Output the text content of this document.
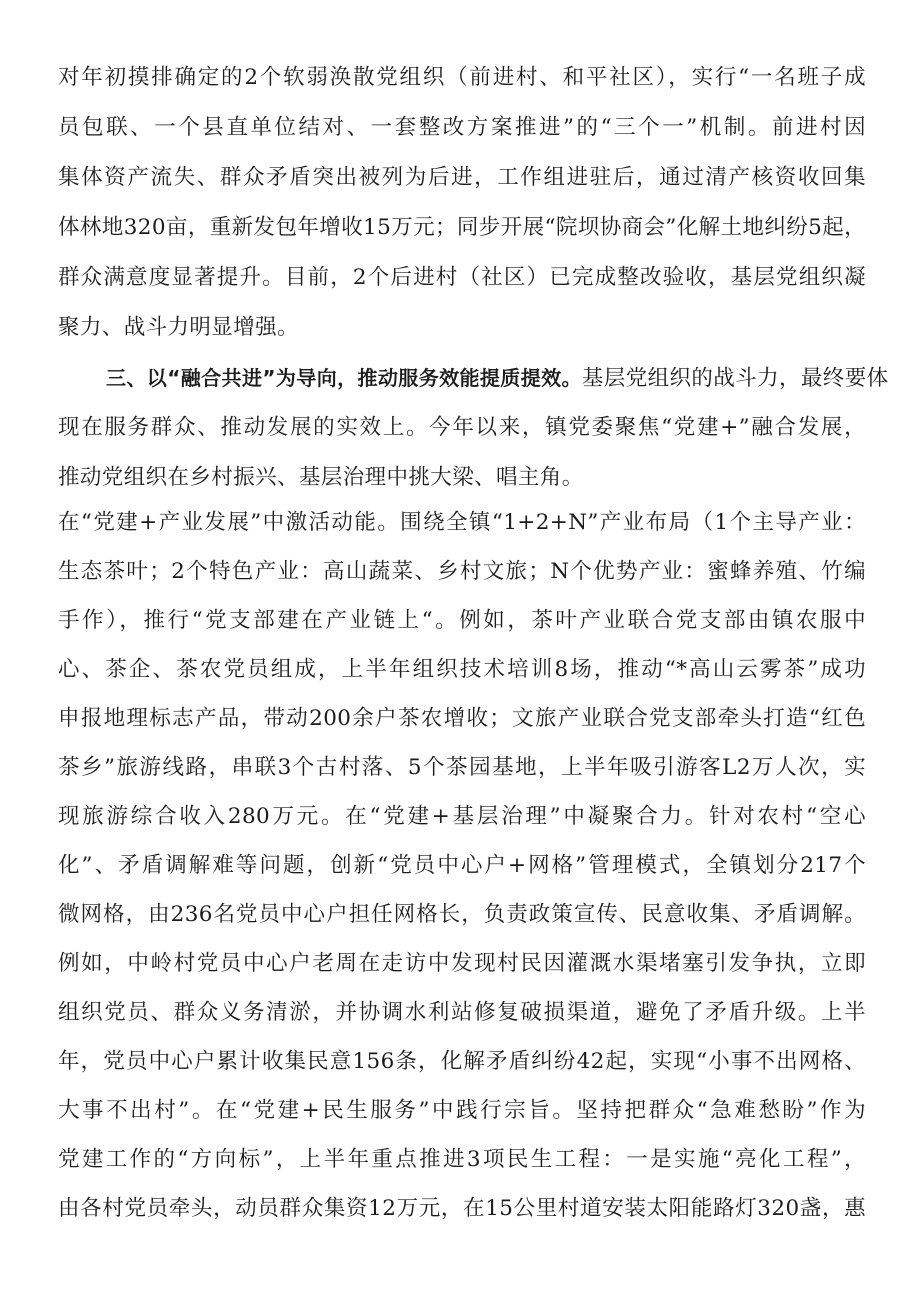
对年初摸排确定的2个软弱涣散党组织（前进村、和平社区），实行“一名班子成
员包联、一个县直单位结对、一套整改方案推进”的“三个一”机制。前进村因
集体资产流失、群众矛盾突出被列为后进，工作组进驻后，通过清产核资收回集
体林地320亩，重新发包年增收15万元；同步开展“院坝协商会”化解土地纠纷5起，
群众满意度显著提升。目前，2个后进村（社区）已完成整改验收，基层党组织凝
聚力、战斗力明显增强。
三、以“融合共进”为导向，推动服务效能提质提效。基层党组织的战斗力，最终要体
现在服务群众、推动发展的实效上。今年以来，镇党委聚焦“党建+”融合发展，
推动党组织在乡村振兴、基层治理中挑大梁、唱主角。
在“党建+产业发展”中激活动能。围绕全镇“1+2+N”产业布局（1个主导产业：
生态茶叶；2个特色产业：高山蔬菜、乡村文旅；N个优势产业：蜜蜂养殖、竹编
手作），推行“党支部建在产业链上“。例如，茶叶产业联合党支部由镇农服中
心、茶企、茶农党员组成，上半年组织技术培训8场，推动“*高山云雾茶”成功
申报地理标志产品，带动200余户茶农增收；文旅产业联合党支部牵头打造“红色
茶乡”旅游线路，串联3个古村落、5个茶园基地，上半年吸引游客L2万人次，实
现旅游综合收入280万元。在“党建+基层治理”中凝聚合力。针对农村“空心
化”、矛盾调解难等问题，创新“党员中心户+网格”管理模式，全镇划分217个
微网格，由236名党员中心户担任网格长，负责政策宣传、民意收集、矛盾调解。
例如，中岭村党员中心户老周在走访中发现村民因灌溉水渠堵塞引发争执，立即
组织党员、群众义务清淤，并协调水利站修复破损渠道，避免了矛盾升级。上半
年，党员中心户累计收集民意156条，化解矛盾纠纷42起，实现“小事不出网格、
大事不出村”。在“党建+民生服务”中践行宗旨。坚持把群众“急难愁盼”作为
党建工作的“方向标”，上半年重点推进3项民生工程：一是实施“亮化工程”，
由各村党员牵头，动员群众集资12万元，在15公里村道安装太阳能路灯320盏，惠
